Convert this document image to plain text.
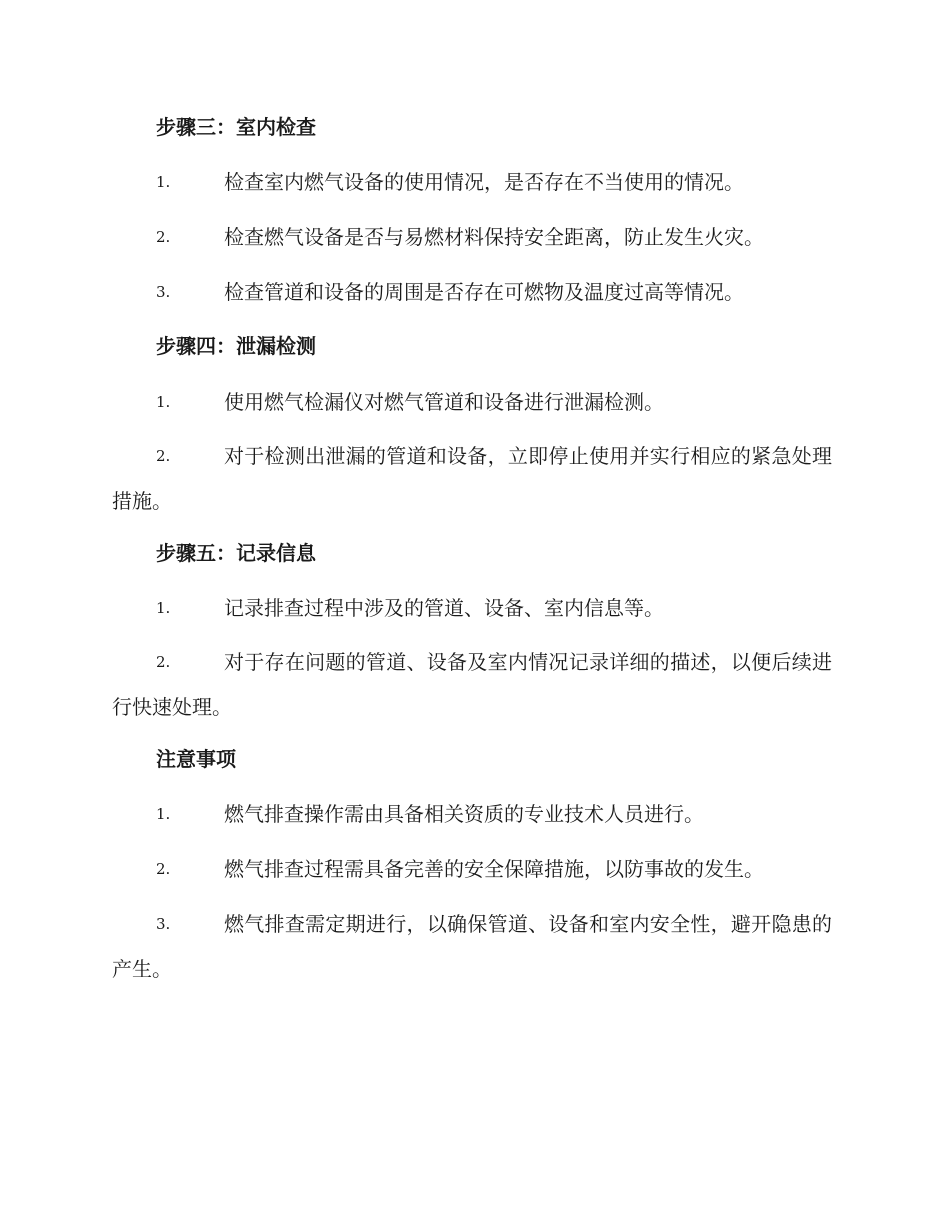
步骤三：室内检查
1.	检查室内燃气设备的使用情况，是否存在不当使用的情况。
2.	检查燃气设备是否与易燃材料保持安全距离，防止发生火灾。
3.	检查管道和设备的周围是否存在可燃物及温度过高等情况。
步骤四：泄漏检测
1.	使用燃气检漏仪对燃气管道和设备进行泄漏检测。
2.	对于检测出泄漏的管道和设备，立即停止使用并实行相应的紧急处理措施。
步骤五：记录信息
1.	记录排查过程中涉及的管道、设备、室内信息等。
2.	对于存在问题的管道、设备及室内情况记录详细的描述，以便后续进行快速处理。
注意事项
1.	燃气排查操作需由具备相关资质的专业技术人员进行。
2.	燃气排查过程需具备完善的安全保障措施，以防事故的发生。
3.	燃气排查需定期进行，以确保管道、设备和室内安全性，避开隐患的产生。
